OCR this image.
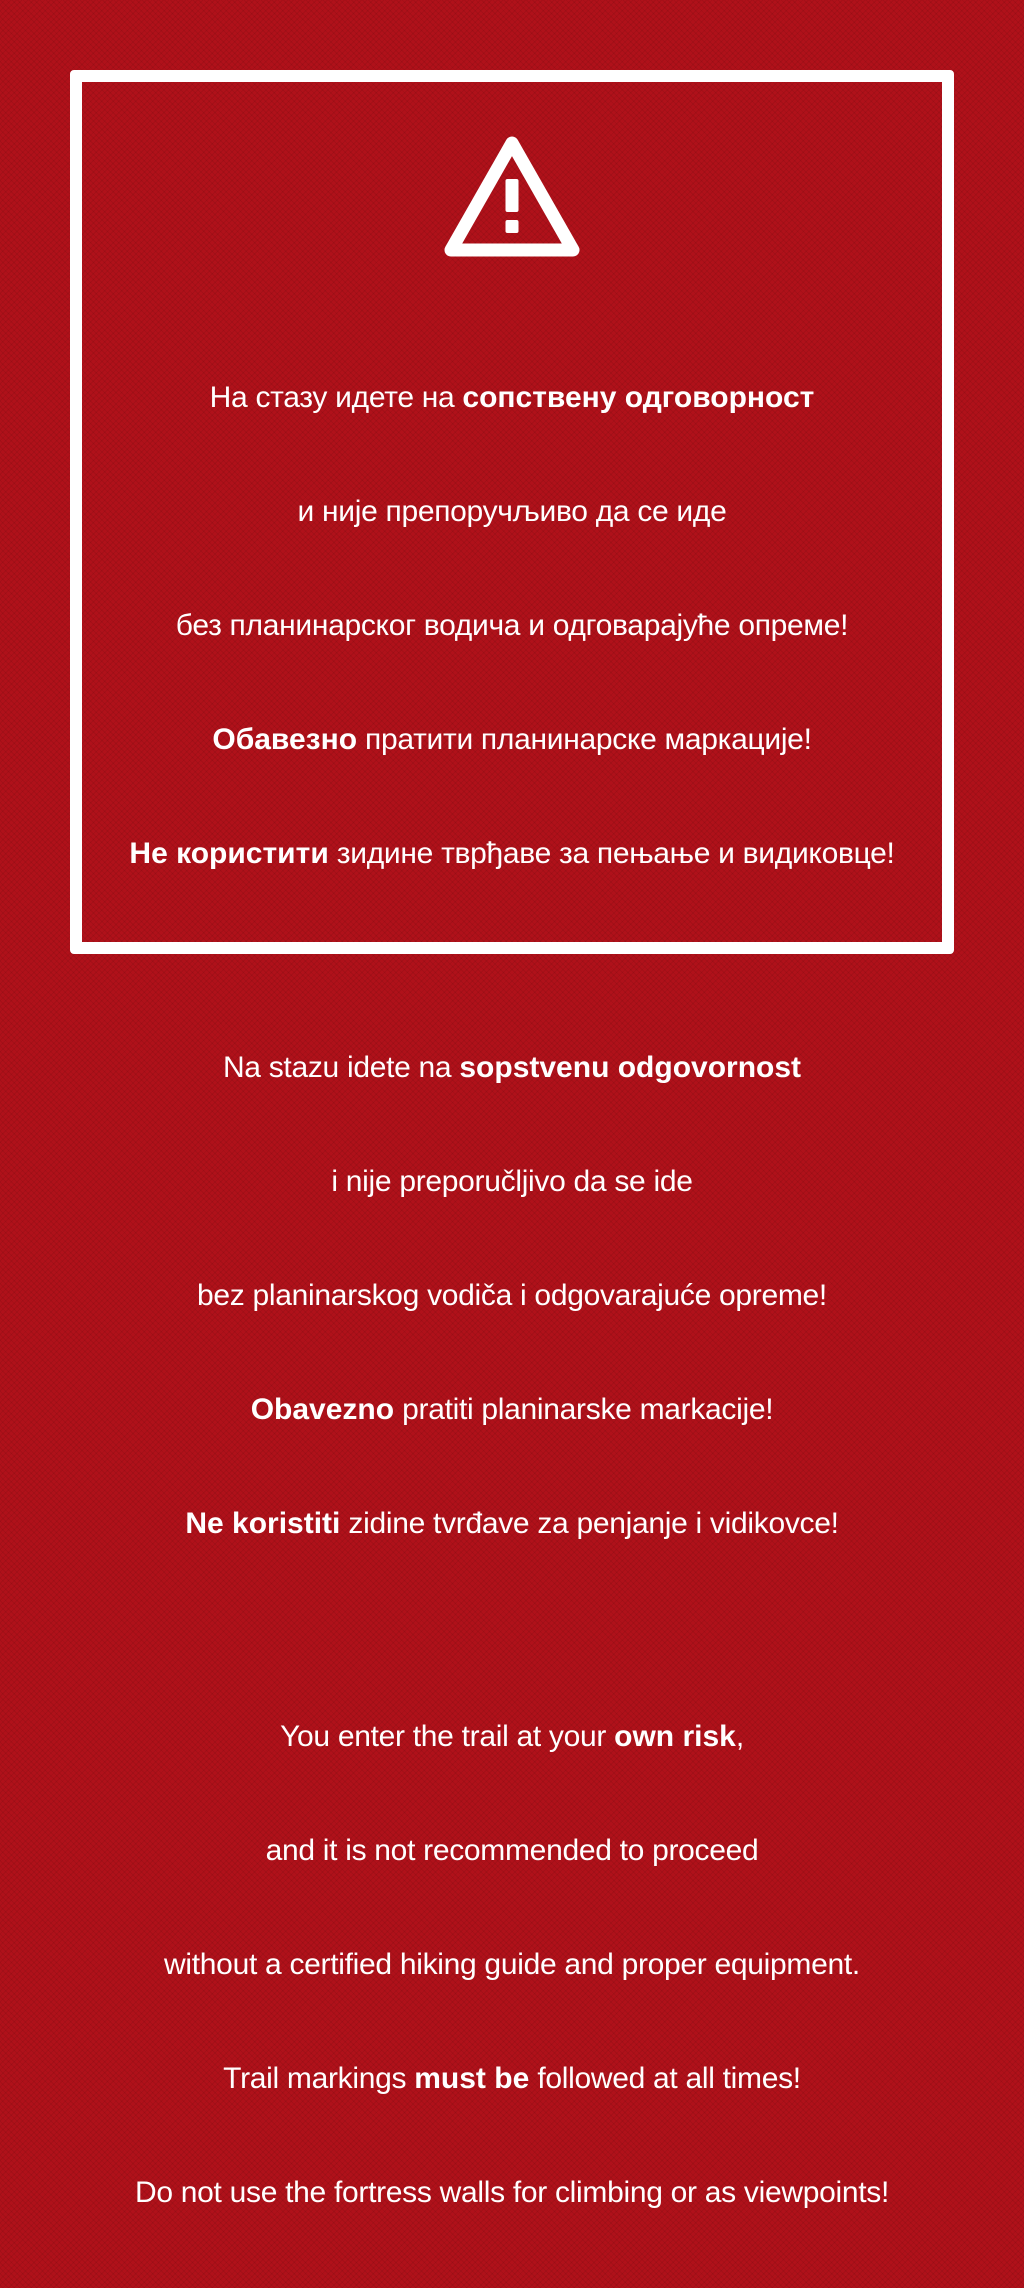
На стазу идете на сопствену одговорност

и није препоручљиво да се иде

без планинарског водича и одговарајуће опреме!

Обавезно пратити планинарске маркације!

Не користити зидине тврђаве за пењање и видиковце!

Na stazu idete na sopstvenu odgovornost

i nije preporučljivo da se ide

bez planinarskog vodiča i odgovarajuće opreme!

Obavezno pratiti planinarske markacije!

Ne koristiti zidine tvrđave za penjanje i vidikovce!

You enter the trail at your own risk,

and it is not recommended to proceed

without a certified hiking guide and proper equipment.

Trail markings must be followed at all times!

Do not use the fortress walls for climbing or as viewpoints!
